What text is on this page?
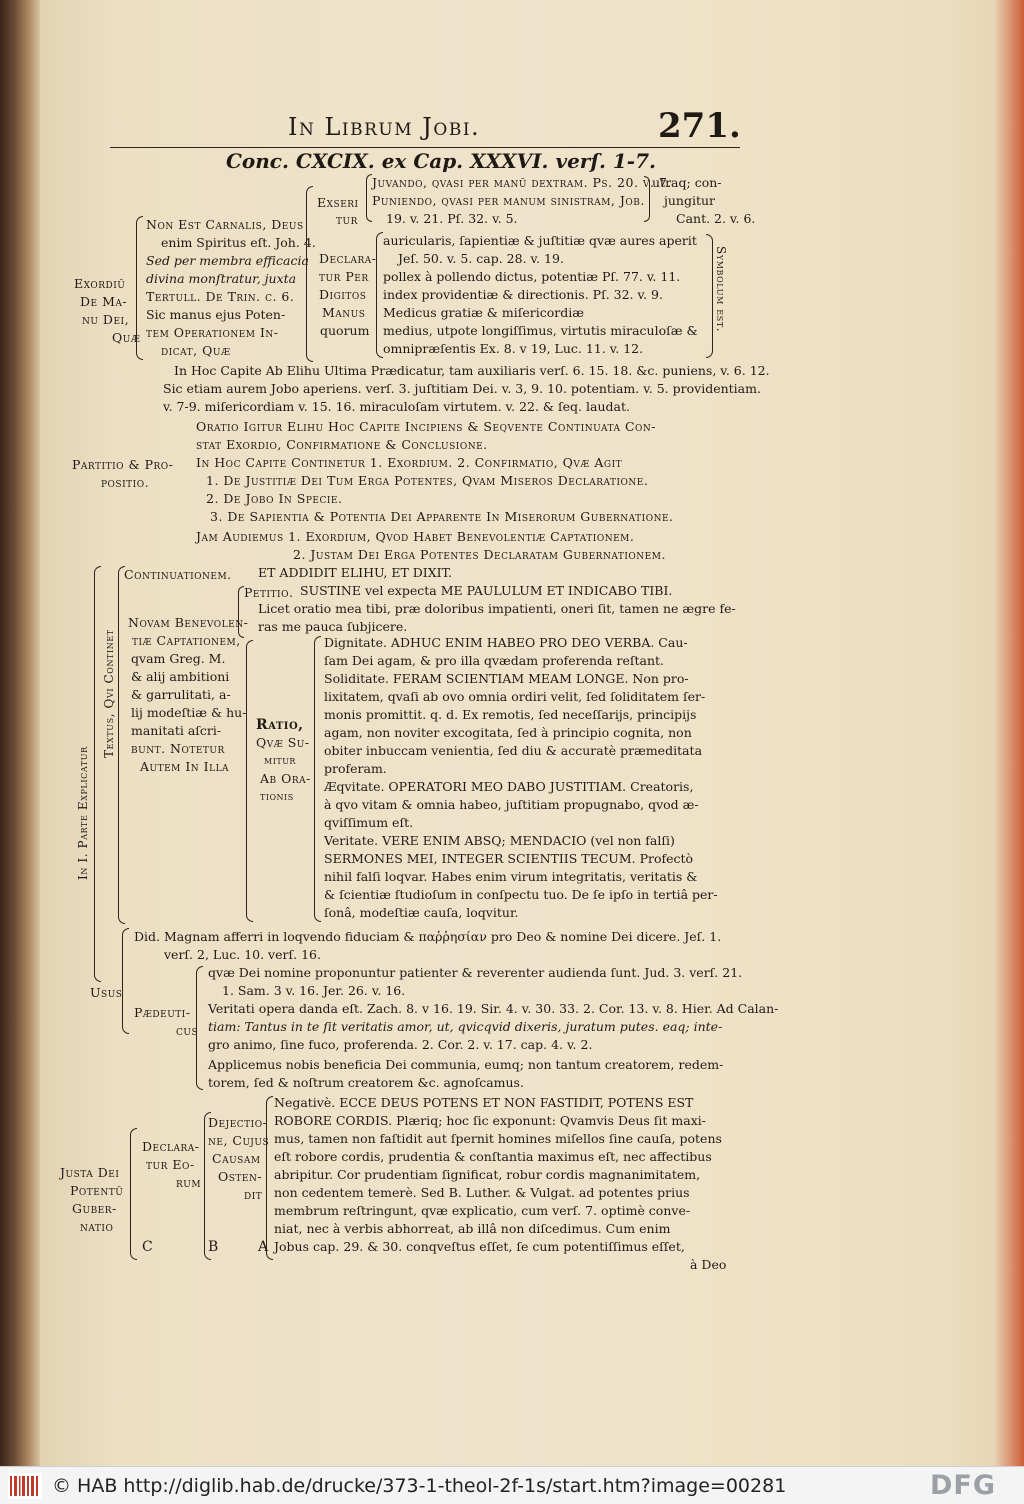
In Librum Jobi.	271.
Conc. CXCIX. ex Cap. XXXVI. verſ. 1-7.
Exordiũ
De Ma-
nu Dei,
Quæ
Non Est Carnalis, Deus
enim Spiritus eſt. Joh. 4.
Sed per membra efficacia
divina monſtratur, juxta
Tertull. De Trin. c. 6.
Sic manus ejus Poten-
tem Operationem In-
dicat, Quæ
Exseri
tur
Declara-
tur Per
Digitos
Manus
quorum
Juvando, qvaſi per manũ dextram. Pſ. 20. v. 7.
Puniendo, qvaſi per manum ſiniſtram, Job.
19. v. 21. Pſ. 32. v. 5.
utraq; con-
jungitur
Cant. 2. v. 6.
auricularis, ſapientiæ & juſtitiæ qvæ aures aperit
Jeſ. 50. v. 5. cap. 28. v. 19.
pollex à pollendo dictus, potentiæ Pſ. 77. v. 11.
index providentiæ & directionis. Pſ. 32. v. 9.
Medicus gratiæ & miſericordiæ
medius, utpote longiſſimus, virtutis miraculoſæ &
omnipræſentis Ex. 8. v 19, Luc. 11. v. 12.
Symbolum eſt.
In Hoc Capite Ab Elihu Ultima Prædicatur, tam auxiliaris verſ. 6. 15. 18. &c. puniens, v. 6. 12.
Sic etiam aurem Jobo aperiens. verſ. 3. juſtitiam Dei. v. 3, 9. 10. potentiam. v. 5. providentiam.
v. 7-9. miſericordiam v. 15. 16. miraculoſam virtutem. v. 22. & ſeq. laudat.
Oratio Igitur Elihu Hoc Capite Incipiens & Seqvente Continuata Con-
stat Exordio, Confirmatione & Conclusione.
Partitio & Pro-
positio.
In Hoc Capite Continetur 1. Exordium. 2. Confirmatio, Qvæ Agit
1. De Justitiæ Dei Tum Erga Potentes, Qvam Miseros Declaratione.
2. De Jobo In Specie.
3. De Sapientia & Potentia Dei Apparente In Miserorum Gubernatione.
Jam Audiemus 1. Exordium, Qvod Habet Benevolentiæ Captationem.
2. Justam Dei Erga Potentes Declaratam Gubernationem.
In I. Parte Explicatur
Textus, Qvi Continet
Continuationem. ET ADDIDIT ELIHU, ET DIXIT.
Petitio. SUSTINE vel expecta ME PAULULUM ET INDICABO TIBI.
Licet oratio mea tibi, præ doloribus impatienti, oneri ſit, tamen ne ægre fe-
ras me pauca ſubjicere.
Novam Benevolen-
tiæ Captationem,
qvam Greg. M.
& alij ambitioni
& garrulitati, a-
lij modeſtiæ & hu-
manitati aſcri-
bunt. Notetur
Autem In Illa
Ratio,
Qvæ Su-
mitur
Ab Ora-
tionis
Dignitate. ADHUC ENIM HABEO PRO DEO VERBA. Cau-
ſam Dei agam, & pro illa qvædam proferenda reſtant.
Soliditate. FERAM SCIENTIAM MEAM LONGE. Non pro-
lixitatem, qvaſi ab ovo omnia ordiri velit, ſed ſoliditatem ſer-
monis promittit. q. d. Ex remotis, ſed neceſſarijs, principijs
agam, non noviter excogitata, ſed à principio cognita, non
obiter inbuccam venientia, ſed diu & accuratè præmeditata
proferam.
Æqvitate. OPERATORI MEO DABO JUSTITIAM. Creatoris,
à qvo vitam & omnia habeo, juſtitiam propugnabo, qvod æ-
qviſſimum eſt.
Veritate. VERE ENIM ABSQ; MENDACIO (vel non falſi)
SERMONES MEI, INTEGER SCIENTIIS TECUM. Profectò
nihil falſi loqvar. Habes enim virum integritatis, veritatis &
& ſcientiæ ſtudioſum in conſpectu tuo. De ſe ipſo in tertiâ per-
ſonâ, modeſtiæ cauſa, loqvitur.
Usus
Did. Magnam afferri in loqvendo fiduciam & παῤῥησίαν pro Deo & nomine Dei dicere. Jeſ. 1.
verſ. 2, Luc. 10. verſ. 16.
Pædeuti-
cus
qvæ Dei nomine proponuntur patienter & reverenter audienda ſunt. Jud. 3. verſ. 21.
1. Sam. 3 v. 16. Jer. 26. v. 16.
Veritati opera danda eſt. Zach. 8. v 16. 19. Sir. 4. v. 30. 33. 2. Cor. 13. v. 8. Hier. Ad Calan-
tiam: Tantus in te ſit veritatis amor, ut, qvicqvid dixeris, juratum putes. eaq; inte-
gro animo, ſine fuco, proferenda. 2. Cor. 2. v. 17. cap. 4. v. 2.
Applicemus nobis beneficia Dei communia, eumq; non tantum creatorem, redem-
torem, ſed & noſtrum creatorem &c. agnoſcamus.
Justa Dei
Potentũ
Guber-
natio
Declara-
tur Eo-
rum
Dejectio-
ne, Cujus
Causam
Osten-
dit
Negativè. ECCE DEUS POTENS ET NON FASTIDIT, POTENS EST
ROBORE CORDIS. Plæriq; hoc ſic exponunt: Qvamvis Deus ſit maxi-
mus, tamen non faſtidit aut ſpernit homines miſellos ſine cauſa, potens
eſt robore cordis, prudentia & conſtantia maximus eſt, nec affectibus
abripitur. Cor prudentiam ſignificat, robur cordis magnanimitatem,
non cedentem temerè. Sed B. Luther. & Vulgat. ad potentes prius
membrum reſtringunt, qvæ explicatio, cum verſ. 7. optimè conve-
niat, nec à verbis abhorreat, ab illâ non diſcedimus. Cum enim
Jobus cap. 29. & 30. conqveſtus eſſet, ſe cum potentiſſimus eſſet,
à Deo
C	B	A
© HAB http://diglib.hab.de/drucke/373-1-theol-2f-1s/start.htm?image=00281	DFG
